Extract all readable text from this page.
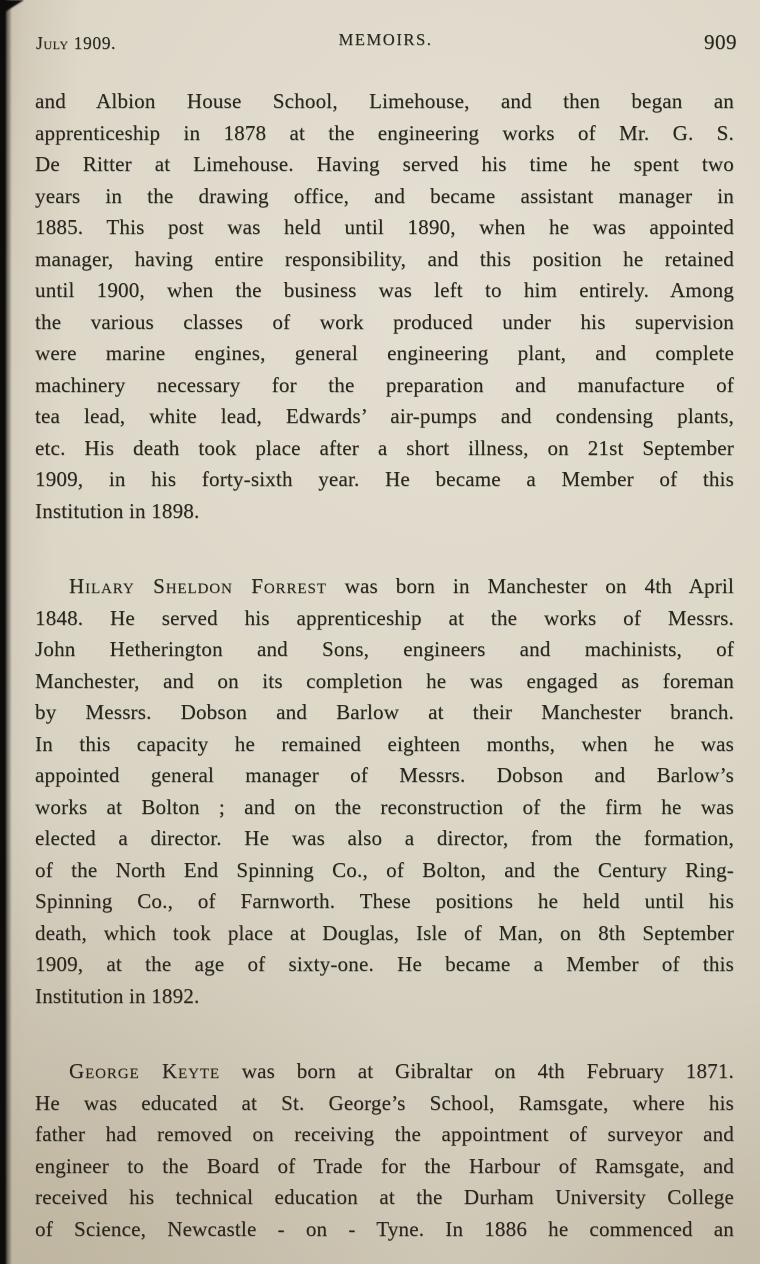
July 1909.	MEMOIRS.	909

and Albion House School, Limehouse, and then began an
apprenticeship in 1878 at the engineering works of Mr. G. S.
De Ritter at Limehouse. Having served his time he spent two
years in the drawing office, and became assistant manager in
1885. This post was held until 1890, when he was appointed
manager, having entire responsibility, and this position he retained
until 1900, when the business was left to him entirely. Among
the various classes of work produced under his supervision
were marine engines, general engineering plant, and complete
machinery necessary for the preparation and manufacture of
tea lead, white lead, Edwards’ air-pumps and condensing plants,
etc. His death took place after a short illness, on 21st September
1909, in his forty-sixth year. He became a Member of this
Institution in 1898.

Hilary Sheldon Forrest was born in Manchester on 4th April
1848. He served his apprenticeship at the works of Messrs.
John Hetherington and Sons, engineers and machinists, of
Manchester, and on its completion he was engaged as foreman
by Messrs. Dobson and Barlow at their Manchester branch.
In this capacity he remained eighteen months, when he was
appointed general manager of Messrs. Dobson and Barlow’s
works at Bolton ; and on the reconstruction of the firm he was
elected a director. He was also a director, from the formation,
of the North End Spinning Co., of Bolton, and the Century Ring-
Spinning Co., of Farnworth. These positions he held until his
death, which took place at Douglas, Isle of Man, on 8th September
1909, at the age of sixty-one. He became a Member of this
Institution in 1892.

George Keyte was born at Gibraltar on 4th February 1871.
He was educated at St. George’s School, Ramsgate, where his
father had removed on receiving the appointment of surveyor and
engineer to the Board of Trade for the Harbour of Ramsgate, and
received his technical education at the Durham University College
of Science, Newcastle - on - Tyne. In 1886 he commenced an
